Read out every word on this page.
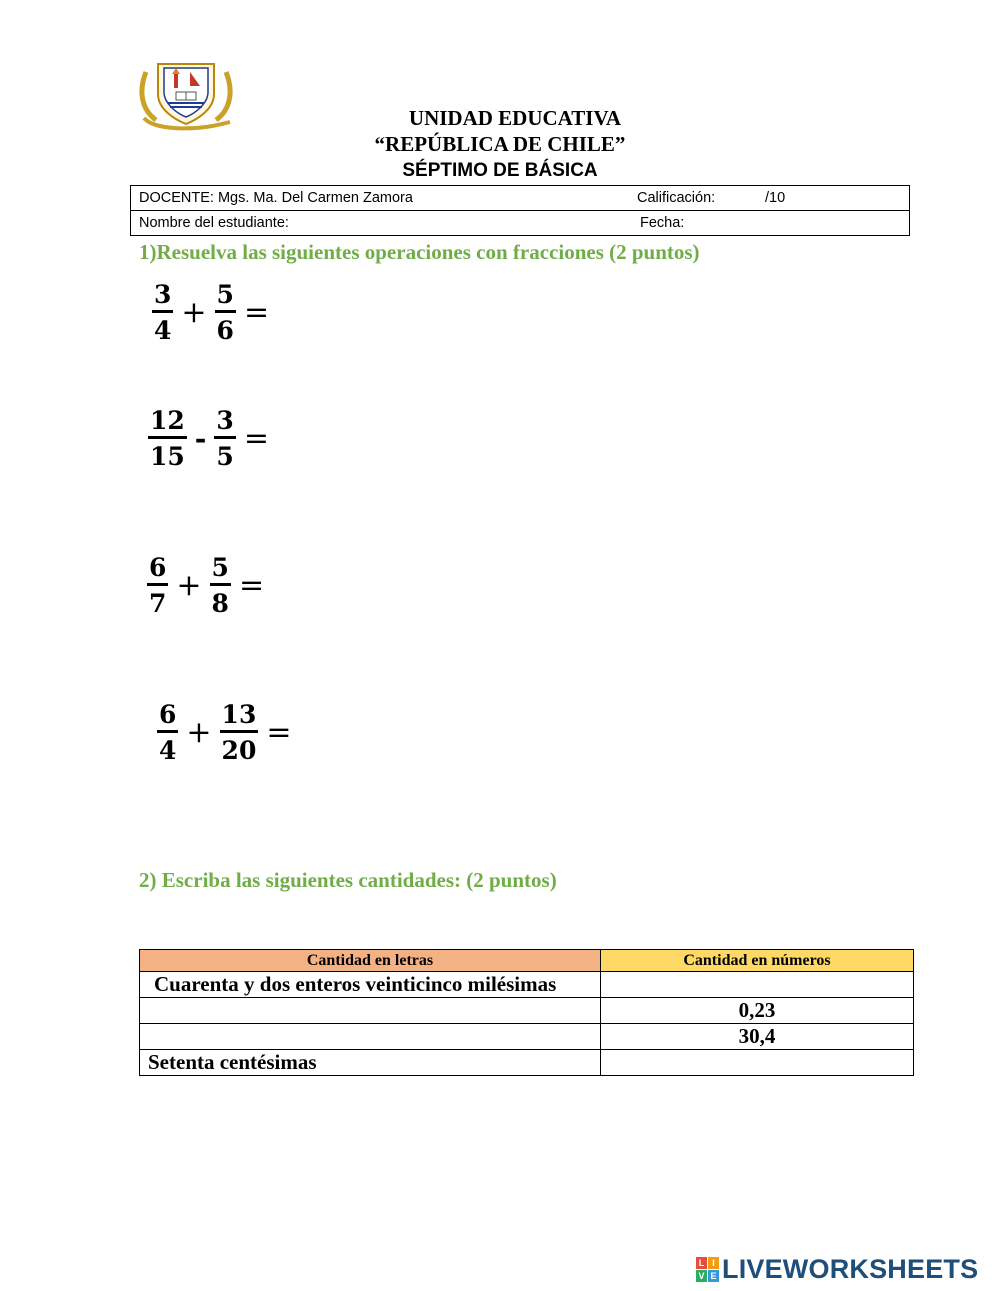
UNIDAD EDUCATIVA
“REPÚBLICA DE CHILE”
SÉPTIMO DE BÁSICA
DOCENTE: Mgs. Ma. Del Carmen Zamora	Calificación:	/10

Nombre del estudiante:	Fecha:
1)Resuelva las siguientes operaciones con fracciones (2 puntos)
$\frac{3}{4} + \frac{5}{6}$ =
$\frac{12}{15} - \frac{3}{5}$ =
$\frac{6}{7} + \frac{5}{8}$ =
$\frac{6}{4} + \frac{13}{20}$ =
2) Escriba las siguientes cantidades: (2 puntos)
Cantidad en letras	Cantidad en números
Cuarenta y dos enteros veinticinco milésimas	
	0,23
	30,4
Setenta centésimas	
L I
V E LIVEWORKSHEETS
